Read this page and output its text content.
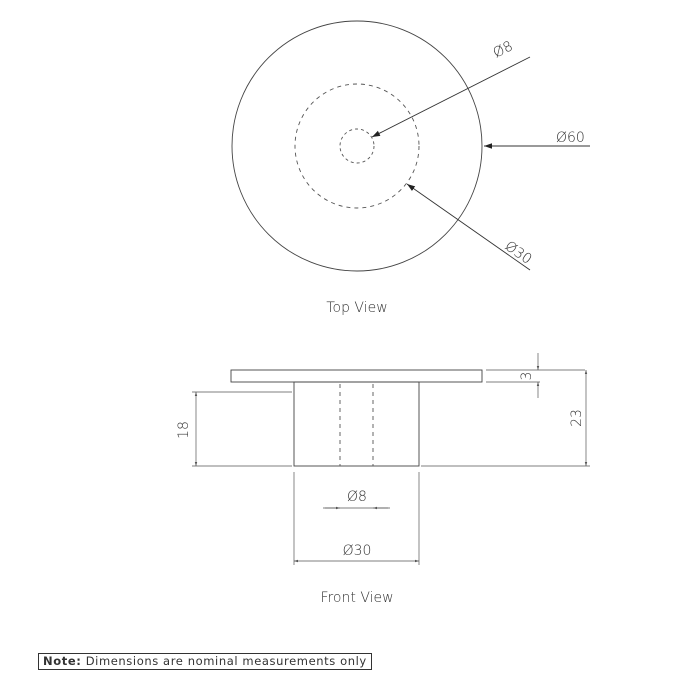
Ø8
Ø60
Ø30
Top View
3
23
18
Ø8
Ø30
Front View
Note: Dimensions are nominal measurements only
